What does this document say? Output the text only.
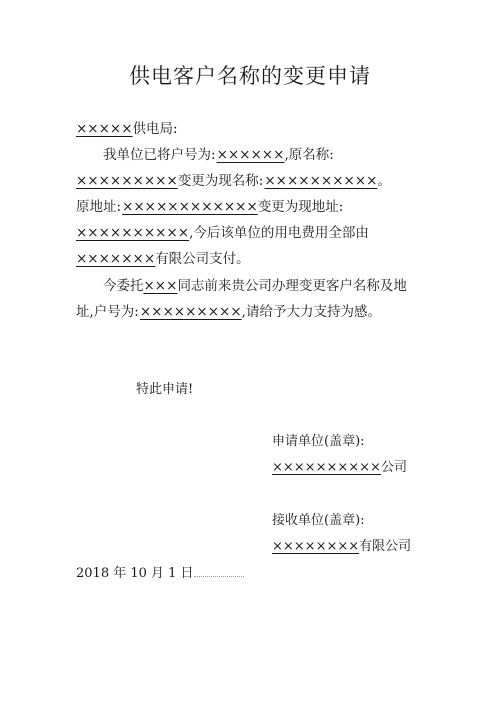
供电客户名称的变更申请
×××××供电局:
我单位已将户号为:××××××,原名称:
×××××××××变更为现名称:××××××××××。
原地址:××××××××××××变更为现地址:
××××××××××,今后该单位的用电费用全部由
×××××××有限公司支付。
今委托×××同志前来贵公司办理变更客户名称及地
址,户号为:×××××××××,请给予大力支持为感。
特此申请!
申请单位(盖章):
××××××××××公司
接收单位(盖章):
××××××××有限公司
2018 年 10 月 1 日
